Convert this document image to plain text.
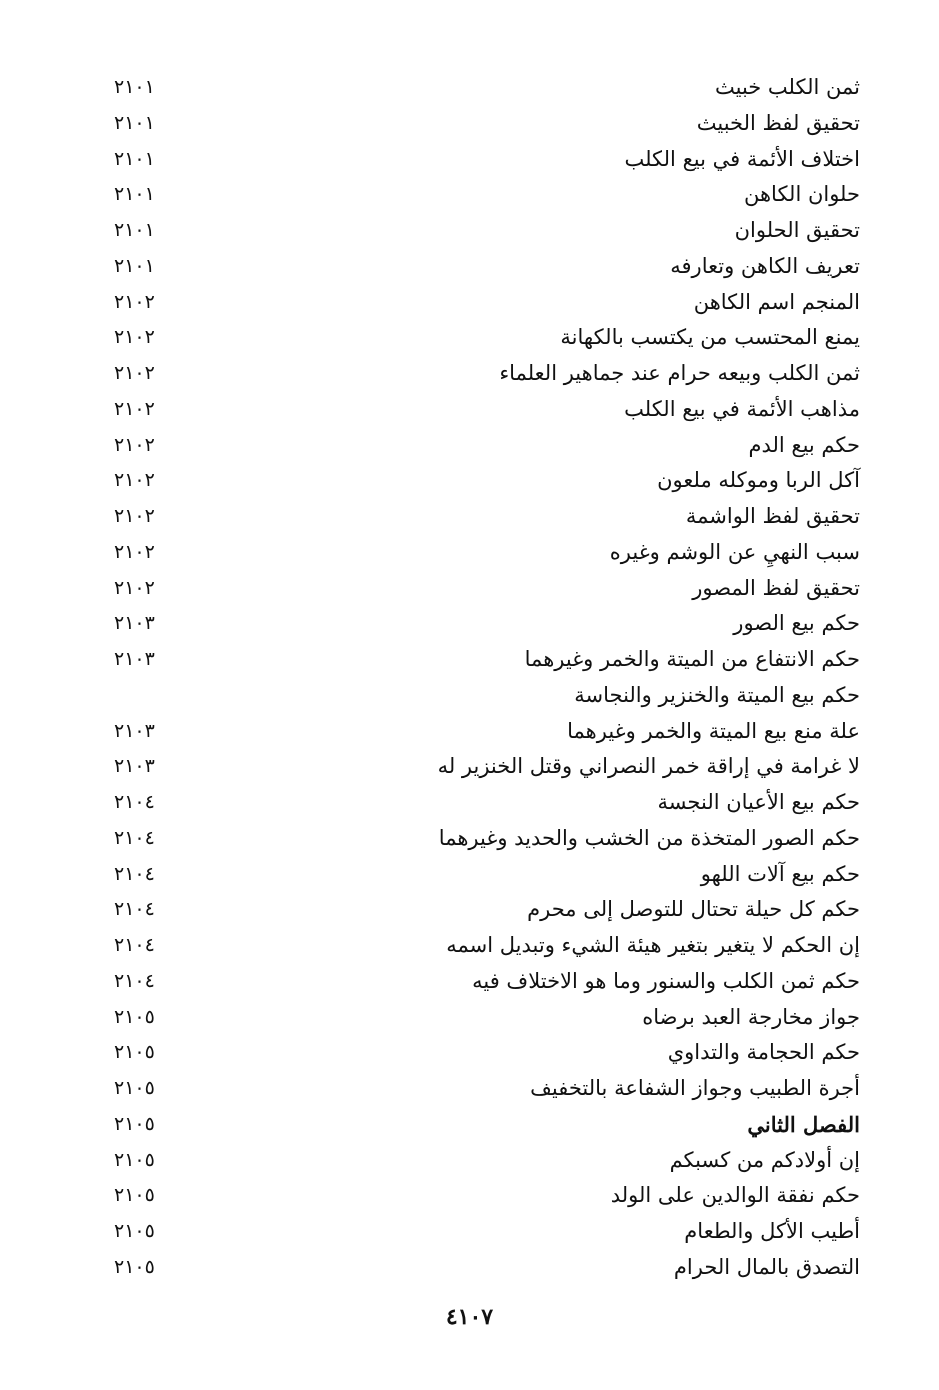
ثمن الكلب خبيث
٢١٠١
تحقيق لفظ الخبيث
٢١٠١
اختلاف الأئمة في بيع الكلب
٢١٠١
حلوان الكاهن
٢١٠١
تحقيق الحلوان
٢١٠١
تعريف الكاهن وتعارفه
٢١٠١
المنجم اسم الكاهن
٢١٠٢
يمنع المحتسب من يكتسب بالكهانة
٢١٠٢
ثمن الكلب وبيعه حرام عند جماهير العلماء
٢١٠٢
مذاهب الأئمة في بيع الكلب
٢١٠٢
حكم بيع الدم
٢١٠٢
آكل الربا وموكله ملعون
٢١٠٢
تحقيق لفظ الواشمة
٢١٠٢
سبب النهيِ عن الوشم وغيره
٢١٠٢
تحقيق لفظ المصور
٢١٠٢
حكم بيع الصور
٢١٠٣
حكم الانتفاع من الميتة والخمر وغيرهما
٢١٠٣
حكم بيع الميتة والخنزير والنجاسة
علة منع بيع الميتة والخمر وغيرهما
٢١٠٣
لا غرامة في إراقة خمر النصراني وقتل الخنزير له
٢١٠٣
حكم بيع الأعيان النجسة
٢١٠٤
حكم الصور المتخذة من الخشب والحديد وغيرهما
٢١٠٤
حكم بيع آلات اللهو
٢١٠٤
حكم كل حيلة تحتال للتوصل إلى محرم
٢١٠٤
إن الحكم لا يتغير بتغير هيئة الشيء وتبديل اسمه
٢١٠٤
حكم ثمن الكلب والسنور وما هو الاختلاف فيه
٢١٠٤
جواز مخارجة العبد برضاه
٢١٠٥
حكم الحجامة والتداوي
٢١٠٥
أجرة الطبيب وجواز الشفاعة بالتخفيف
٢١٠٥
الفصل الثاني
٢١٠٥
إن أولادكم من كسبكم
٢١٠٥
حكم نفقة الوالدين على الولد
٢١٠٥
أطيب الأكل والطعام
٢١٠٥
التصدق بالمال الحرام
٢١٠٥
٤١٠٧
